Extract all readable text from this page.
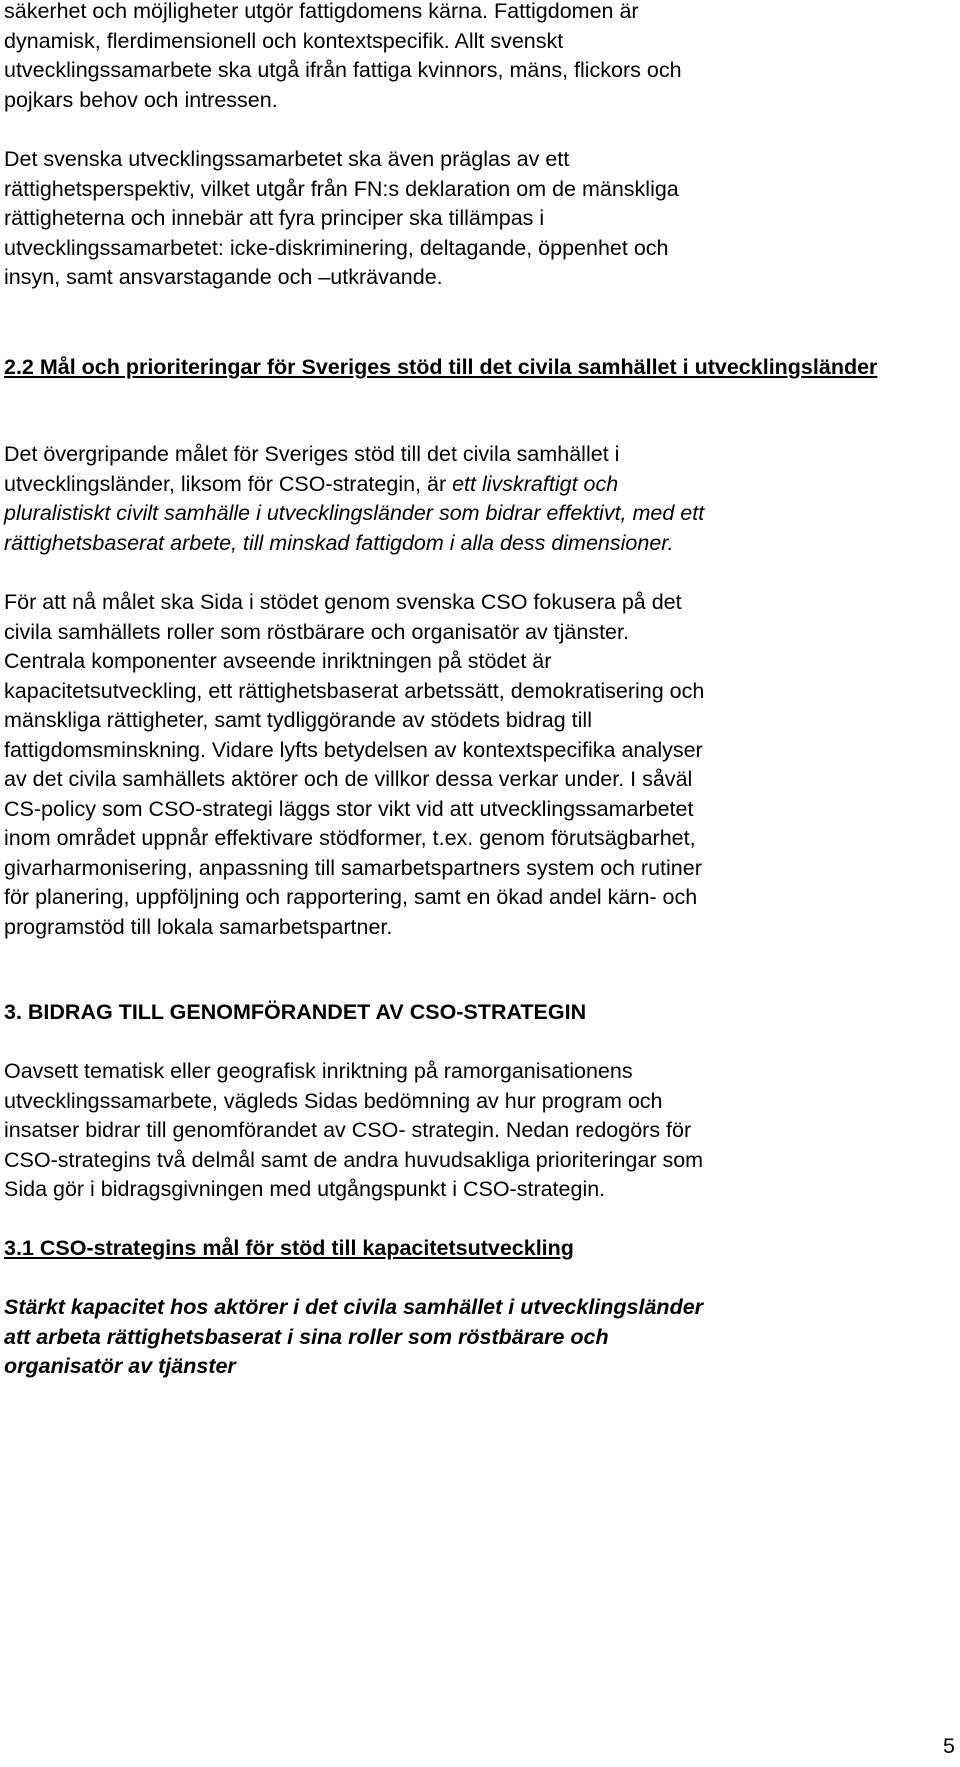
säkerhet och möjligheter utgör fattigdomens kärna. Fattigdomen är
dynamisk, flerdimensionell och kontextspecifik. Allt svenskt
utvecklingssamarbete ska utgå ifrån fattiga kvinnors, mäns, flickors och
pojkars behov och intressen.

Det svenska utvecklingssamarbetet ska även präglas av ett
rättighetsperspektiv, vilket utgår från FN:s deklaration om de mänskliga
rättigheterna och innebär att fyra principer ska tillämpas i
utvecklingssamarbetet: icke-diskriminering, deltagande, öppenhet och
insyn, samt ansvarstagande och –utkrävande.

2.2 Mål och prioriteringar för Sveriges stöd till det civila samhället i utvecklingsländer

Det övergripande målet för Sveriges stöd till det civila samhället i
utvecklingsländer, liksom för CSO-strategin, är ett livskraftigt och
pluralistiskt civilt samhälle i utvecklingsländer som bidrar effektivt, med ett
rättighetsbaserat arbete, till minskad fattigdom i alla dess dimensioner.

För att nå målet ska Sida i stödet genom svenska CSO fokusera på det
civila samhällets roller som röstbärare och organisatör av tjänster.
Centrala komponenter avseende inriktningen på stödet är
kapacitetsutveckling, ett rättighetsbaserat arbetssätt, demokratisering och
mänskliga rättigheter, samt tydliggörande av stödets bidrag till
fattigdomsminskning. Vidare lyfts betydelsen av kontextspecifika analyser
av det civila samhällets aktörer och de villkor dessa verkar under. I såväl
CS-policy som CSO-strategi läggs stor vikt vid att utvecklingssamarbetet
inom området uppnår effektivare stödformer, t.ex. genom förutsägbarhet,
givarharmonisering, anpassning till samarbetspartners system och rutiner
för planering, uppföljning och rapportering, samt en ökad andel kärn- och
programstöd till lokala samarbetspartner.

3. BIDRAG TILL GENOMFÖRANDET AV CSO-STRATEGIN

Oavsett tematisk eller geografisk inriktning på ramorganisationens
utvecklingssamarbete, vägleds Sidas bedömning av hur program och
insatser bidrar till genomförandet av CSO- strategin. Nedan redogörs för
CSO-strategins två delmål samt de andra huvudsakliga prioriteringar som
Sida gör i bidragsgivningen med utgångspunkt i CSO-strategin.

3.1 CSO-strategins mål för stöd till kapacitetsutveckling

Stärkt kapacitet hos aktörer i det civila samhället i utvecklingsländer
att arbeta rättighetsbaserat i sina roller som röstbärare och
organisatör av tjänster

5
